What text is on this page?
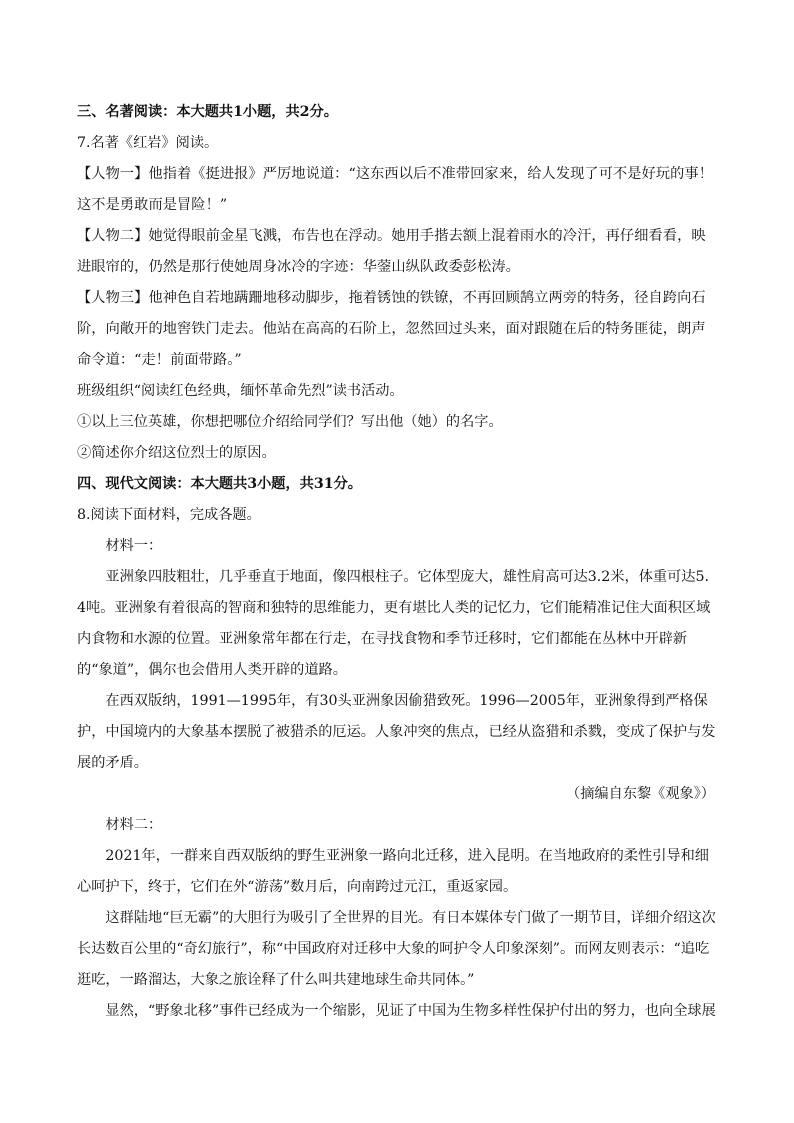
三、名著阅读：本大题共1小题，共2分。

7.名著《红岩》阅读。

【人物一】他指着《挺进报》严厉地说道：“这东西以后不准带回家来，给人发现了可不是好玩的事！这不是勇敢而是冒险！”

【人物二】她觉得眼前金星飞溅，布告也在浮动。她用手揩去额上混着雨水的冷汗，再仔细看看，映进眼帘的，仍然是那行使她周身冰冷的字迹：华蓥山纵队政委彭松涛。

【人物三】他神色自若地蹒跚地移动脚步，拖着锈蚀的铁镣，不再回顾鹄立两旁的特务，径自跨向石阶，向敞开的地窖铁门走去。他站在高高的石阶上，忽然回过头来，面对跟随在后的特务匪徒，朗声命令道：“走！前面带路。”

班级组织“阅读红色经典，缅怀革命先烈”读书活动。

①以上三位英雄，你想把哪位介绍给同学们？写出他（她）的名字。

②简述你介绍这位烈士的原因。

四、现代文阅读：本大题共3小题，共31分。

8.阅读下面材料，完成各题。

材料一：

亚洲象四肢粗壮，几乎垂直于地面，像四根柱子。它体型庞大，雄性肩高可达3.2米，体重可达5.4吨。亚洲象有着很高的智商和独特的思维能力，更有堪比人类的记忆力，它们能精准记住大面积区域内食物和水源的位置。亚洲象常年都在行走，在寻找食物和季节迁移时，它们都能在丛林中开辟新的“象道”，偶尔也会借用人类开辟的道路。

在西双版纳，1991—1995年，有30头亚洲象因偷猎致死。1996—2005年，亚洲象得到严格保护，中国境内的大象基本摆脱了被猎杀的厄运。人象冲突的焦点，已经从盗猎和杀戮，变成了保护与发展的矛盾。

（摘编自东黎《观象》）

材料二：

2021年，一群来自西双版纳的野生亚洲象一路向北迁移，进入昆明。在当地政府的柔性引导和细心呵护下，终于，它们在外“游荡”数月后，向南跨过元江，重返家园。

这群陆地“巨无霸”的大胆行为吸引了全世界的目光。有日本媒体专门做了一期节目，详细介绍这次长达数百公里的“奇幻旅行”，称“中国政府对迁移中大象的呵护令人印象深刻”。而网友则表示：“追吃逛吃，一路溜达，大象之旅诠释了什么叫共建地球生命共同体。”

显然，“野象北移”事件已经成为一个缩影，见证了中国为生物多样性保护付出的努力，也向全球展
